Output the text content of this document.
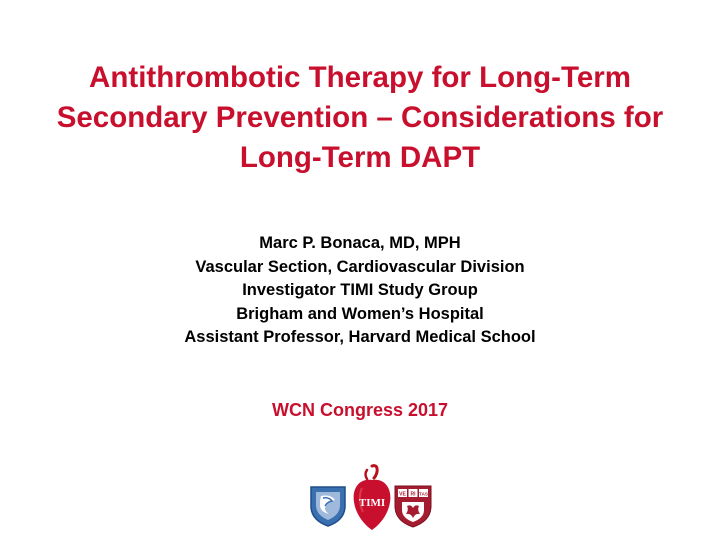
Antithrombotic Therapy for Long-Term
Secondary Prevention – Considerations for
Long-Term DAPT
Marc P. Bonaca, MD, MPH
Vascular Section, Cardiovascular Division
Investigator TIMI Study Group
Brigham and Women’s Hospital
Assistant Professor, Harvard Medical School
WCN Congress 2017
TIMI
VE RI TAS
